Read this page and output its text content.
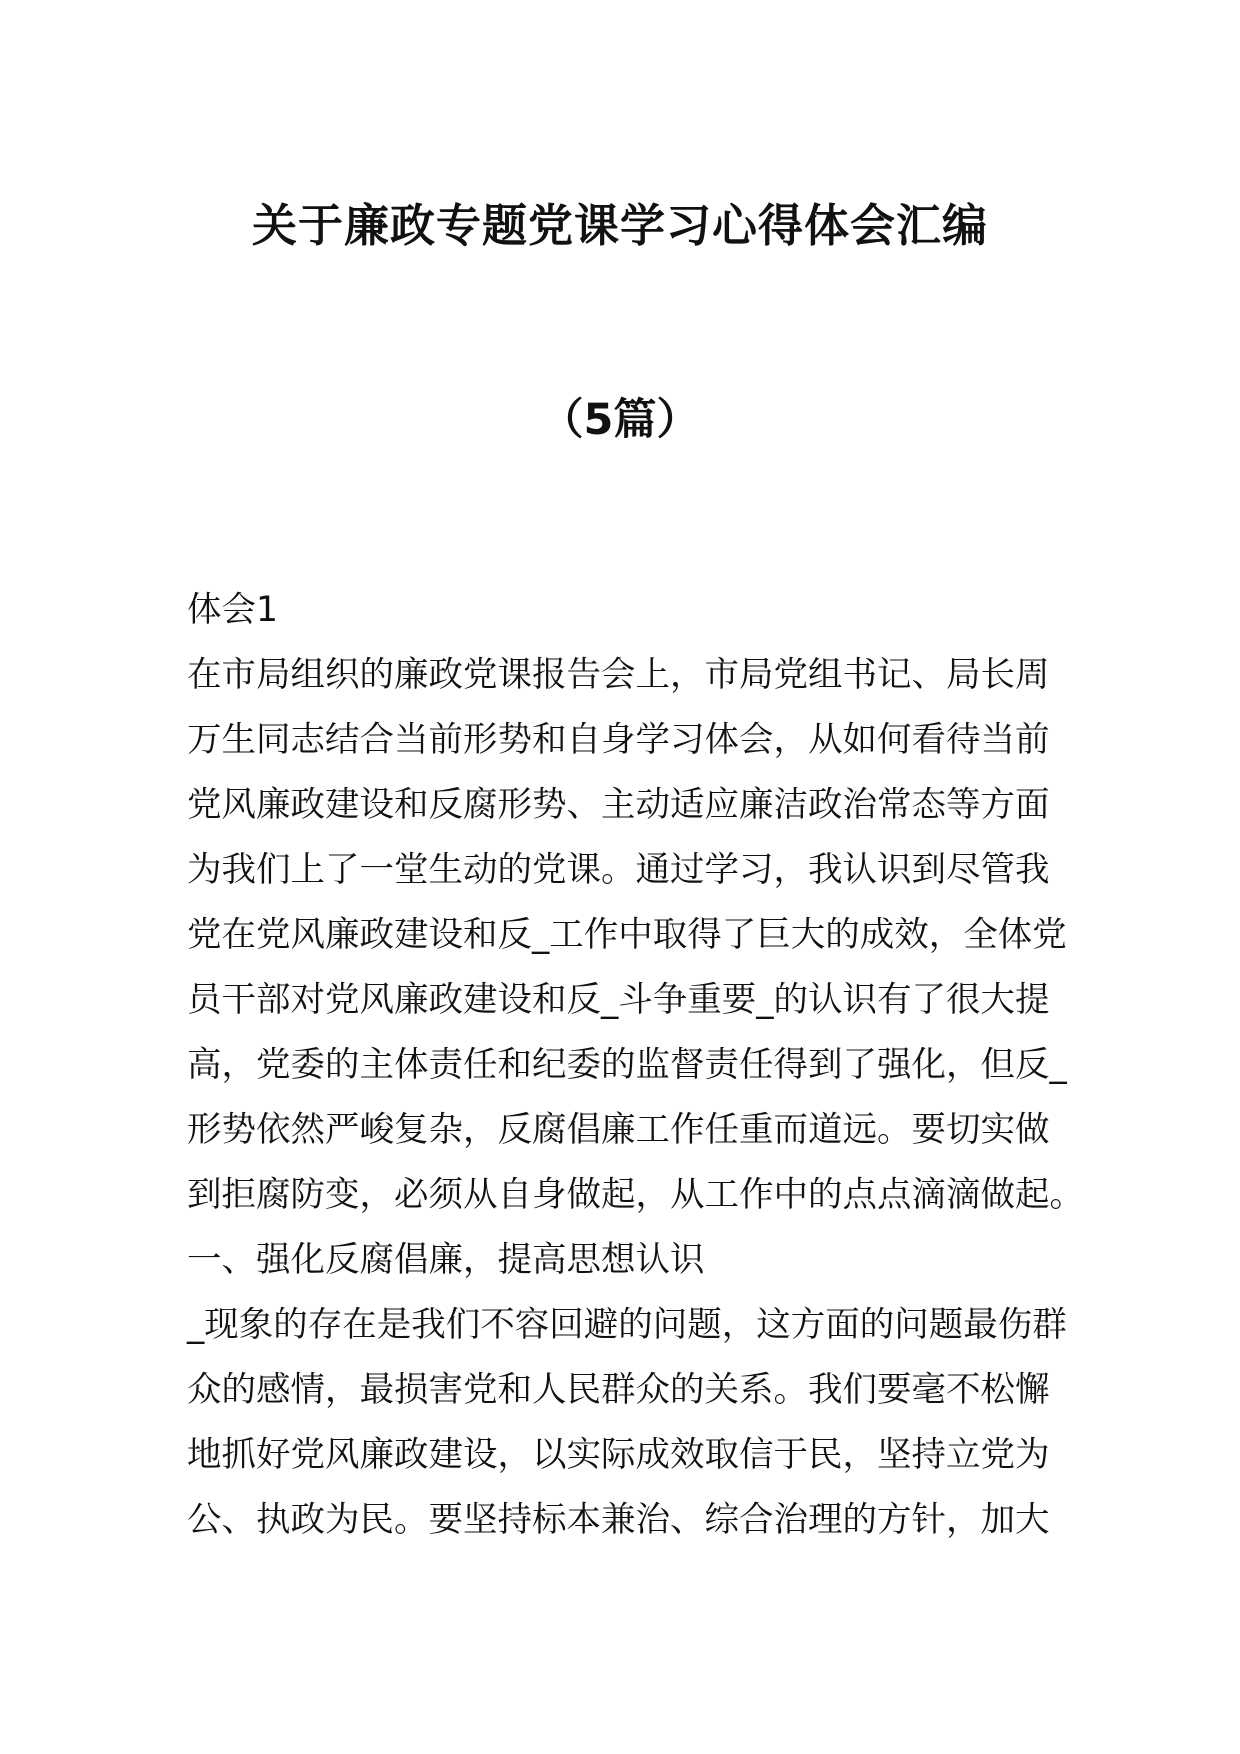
关于廉政专题党课学习心得体会汇编
（5篇）
体会1
在市局组织的廉政党课报告会上，市局党组书记、局长周
万生同志结合当前形势和自身学习体会，从如何看待当前
党风廉政建设和反腐形势、主动适应廉洁政治常态等方面
为我们上了一堂生动的党课。通过学习，我认识到尽管我
党在党风廉政建设和反_工作中取得了巨大的成效，全体党
员干部对党风廉政建设和反_斗争重要_的认识有了很大提
高，党委的主体责任和纪委的监督责任得到了强化，但反_
形势依然严峻复杂，反腐倡廉工作任重而道远。要切实做
到拒腐防变，必须从自身做起，从工作中的点点滴滴做起。
一、强化反腐倡廉，提高思想认识
_现象的存在是我们不容回避的问题，这方面的问题最伤群
众的感情，最损害党和人民群众的关系。我们要毫不松懈
地抓好党风廉政建设，以实际成效取信于民，坚持立党为
公、执政为民。要坚持标本兼治、综合治理的方针，加大
